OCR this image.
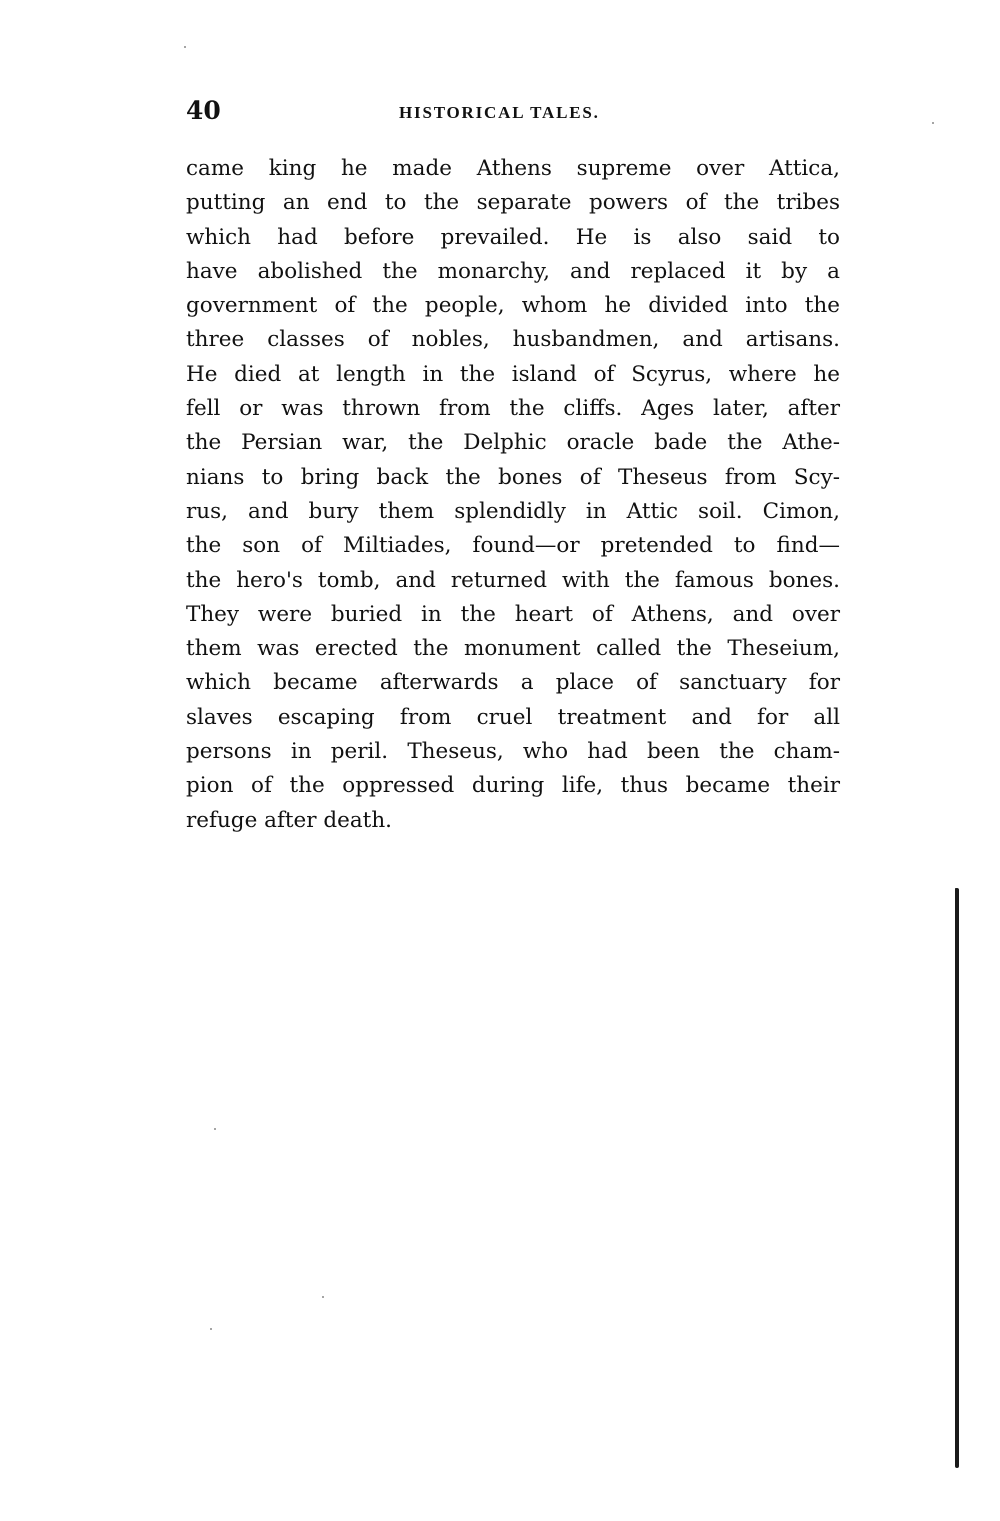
40	HISTORICAL TALES.
came king he made Athens supreme over Attica,
putting an end to the separate powers of the tribes
which had before prevailed. He is also said to
have abolished the monarchy, and replaced it by a
government of the people, whom he divided into the
three classes of nobles, husbandmen, and artisans.
He died at length in the island of Scyrus, where he
fell or was thrown from the cliffs. Ages later, after
the Persian war, the Delphic oracle bade the Athe-
nians to bring back the bones of Theseus from Scy-
rus, and bury them splendidly in Attic soil. Cimon,
the son of Miltiades, found—or pretended to find—
the hero's tomb, and returned with the famous bones.
They were buried in the heart of Athens, and over
them was erected the monument called the Theseium,
which became afterwards a place of sanctuary for
slaves escaping from cruel treatment and for all
persons in peril. Theseus, who had been the cham-
pion of the oppressed during life, thus became their
refuge after death.
